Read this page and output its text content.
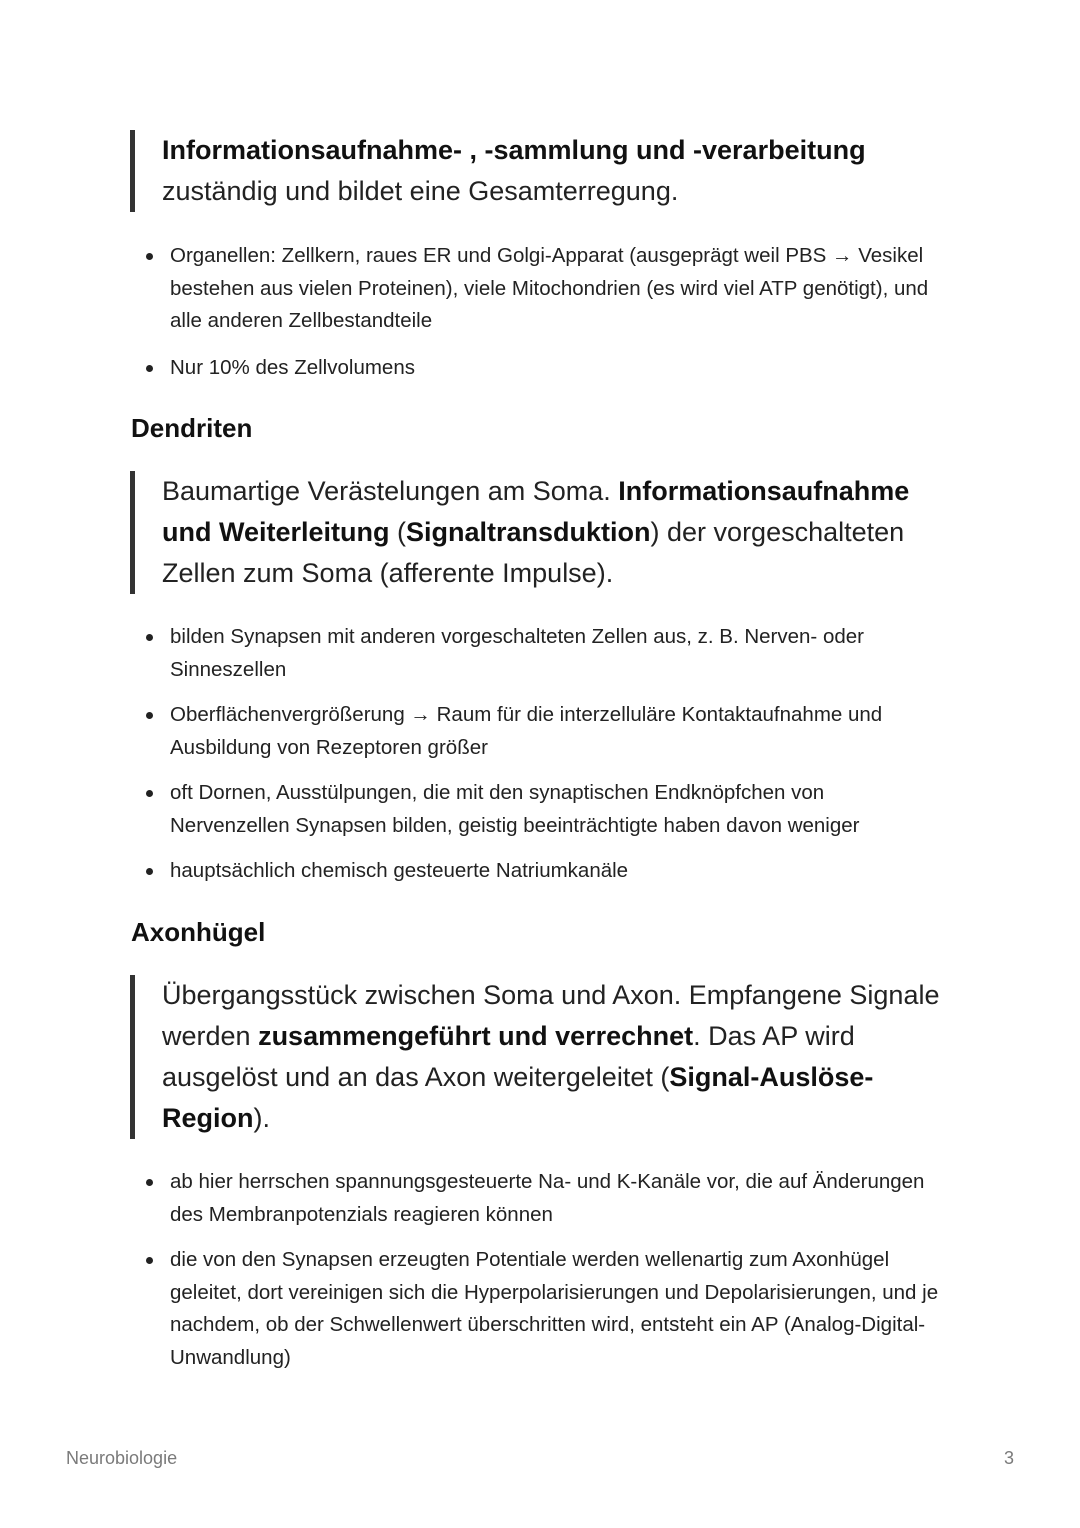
Informationsaufnahme- , -sammlung und -verarbeitung
zuständig und bildet eine Gesamterregung.
Organellen: Zellkern, raues ER und Golgi-Apparat (ausgeprägt weil PBS → Vesikel bestehen aus vielen Proteinen), viele Mitochondrien (es wird viel ATP genötigt), und alle anderen Zellbestandteile
Nur 10% des Zellvolumens
Dendriten
Baumartige Verästelungen am Soma. Informationsaufnahme und Weiterleitung (Signaltransduktion) der vorgeschalteten Zellen zum Soma (afferente Impulse).
bilden Synapsen mit anderen vorgeschalteten Zellen aus, z. B. Nerven- oder Sinneszellen
Oberflächenvergrößerung → Raum für die interzelluläre Kontaktaufnahme und Ausbildung von Rezeptoren größer
oft Dornen, Ausstülpungen, die mit den synaptischen Endknöpfchen von Nervenzellen Synapsen bilden, geistig beeinträchtigte haben davon weniger
hauptsächlich chemisch gesteuerte Natriumkanäle
Axonhügel
Übergangsstück zwischen Soma und Axon. Empfangene Signale werden zusammengeführt und verrechnet. Das AP wird ausgelöst und an das Axon weitergeleitet (Signal-Auslöse-Region).
ab hier herrschen spannungsgesteuerte Na- und K-Kanäle vor, die auf Änderungen des Membranpotenzials reagieren können
die von den Synapsen erzeugten Potentiale werden wellenartig zum Axonhügel geleitet, dort vereinigen sich die Hyperpolarisierungen und Depolarisierungen, und je nachdem, ob der Schwellenwert überschritten wird, entsteht ein AP (Analog-Digital-Unwandlung)
Neurobiologie	3
